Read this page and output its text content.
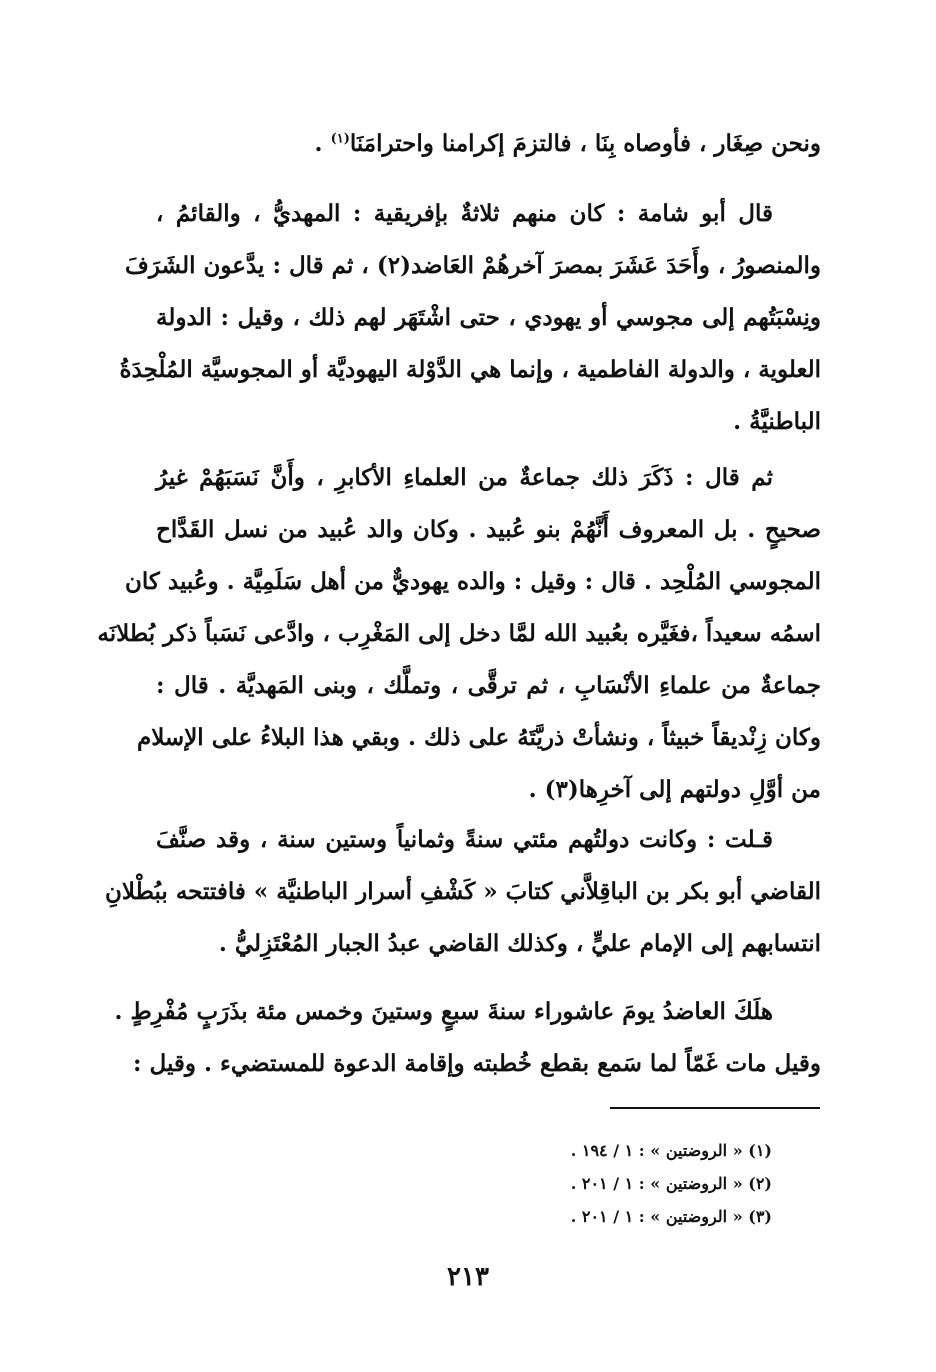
ونحن صِغَار ، فأوصاه بِنَا ، فالتزمَ إكرامنا واحترامَنَا$^{(١)}$ .
قال أبو شامة : كان منهم ثلاثةٌ بإفريقية : المهديُّ ، والقائمُ ،
والمنصورُ ، وأَحَدَ عَشَرَ بمصرَ آخرهُمْ العَاضد(٢) ، ثم قال : يدَّعون الشَرَفَ
ونِسْبَتُهم إلى مجوسي أو يهودي ، حتى اشْتَهَر لهم ذلك ، وقيل : الدولة
العلوية ، والدولة الفاطمية ، وإنما هي الدَّوْلة اليهوديَّة أو المجوسيَّة المُلْحِدَةُ
الباطنيَّةُ .
ثم قال : ذَكَرَ ذلك جماعةٌ من العلماءِ الأكابرِ ، وأَنَّ نَسَبَهُمْ غيرُ
صحيحٍ . بل المعروف أَنَّهُمْ بنو عُبيد . وكان والد عُبيد من نسل القَدَّاح
المجوسي المُلْحِد . قال : وقيل : والده يهوديٌّ من أهل سَلَمِيَّة . وعُبيد كان
اسمُه سعيداً ،فغَيَّره بعُبيد الله لمَّا دخل إلى المَغْرِب ، وادَّعى نَسَباً ذكر بُطلانَه
جماعةٌ من علماءِ الأنْسَابِ ، ثم ترقَّى ، وتملَّك ، وبنى المَهديَّة . قال :
وكان زِنْديقاً خبيثاً ، ونشأتْ ذريَّتَهُ على ذلك . وبقي هذا البلاءُ على الإسلام
من أوَّلِ دولتهم إلى آخرِها(٣) .
قـلت : وكانت دولتُهم مئتي سنةً وثمانياً وستين سنة ، وقد صنَّفَ
القاضي أبو بكر بن الباقِلاَّني كتابَ « كَشْفِ أسرار الباطنيَّة » فافتتحه ببُطْلانِ
انتسابهم إلى الإمام عليٍّ ، وكذلك القاضي عبدُ الجبار المُعْتَزِليُّ .
هلَكَ العاضدُ يومَ عاشوراء سنةَ سبعٍ وستينَ وخمس مئة بذَرَبٍ مُفْرِطٍ .
وقيل مات غَمّاً لما سَمع بقطع خُطبته وإقامة الدعوة للمستضيء . وقيل :
(١) « الروضتين » : ١ / ١٩٤ .
(٢) « الروضتين » : ١ / ٢٠١ .
(٣) « الروضتين » : ١ / ٢٠١ .
٢١٣
